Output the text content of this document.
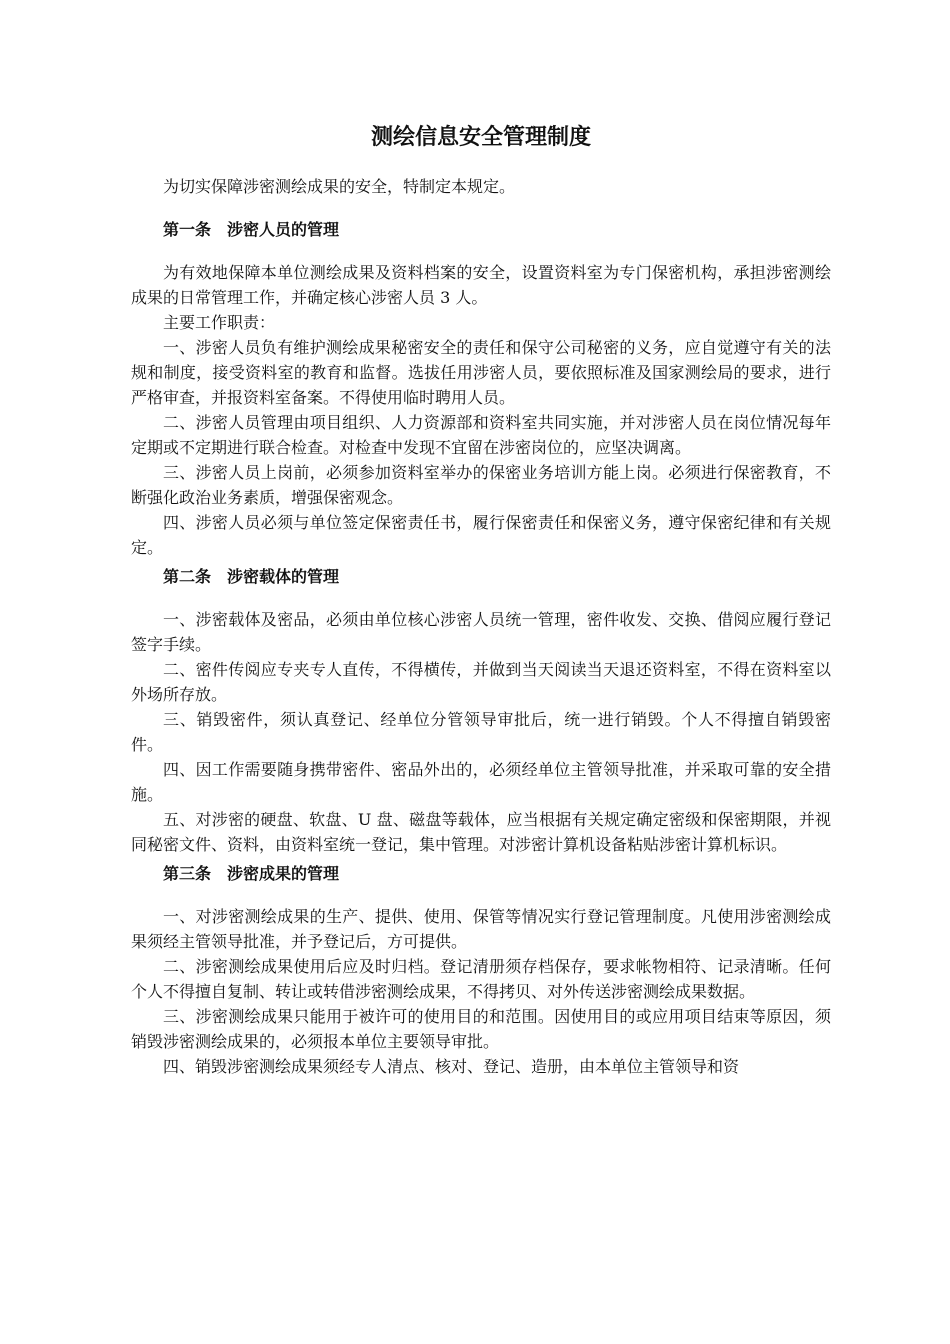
测绘信息安全管理制度

为切实保障涉密测绘成果的安全，特制定本规定。

第一条　涉密人员的管理

为有效地保障本单位测绘成果及资料档案的安全，设置资料室为专门保密机构，承担涉密测绘成果的日常管理工作，并确定核心涉密人员 3 人。

主要工作职责：

一、涉密人员负有维护测绘成果秘密安全的责任和保守公司秘密的义务，应自觉遵守有关的法规和制度，接受资料室的教育和监督。选拔任用涉密人员，要依照标准及国家测绘局的要求，进行严格审查，并报资料室备案。不得使用临时聘用人员。

二、涉密人员管理由项目组织、人力资源部和资料室共同实施，并对涉密人员在岗位情况每年定期或不定期进行联合检查。对检查中发现不宜留在涉密岗位的，应坚决调离。

三、涉密人员上岗前，必须参加资料室举办的保密业务培训方能上岗。必须进行保密教育，不断强化政治业务素质，增强保密观念。

四、涉密人员必须与单位签定保密责任书，履行保密责任和保密义务，遵守保密纪律和有关规定。

第二条　涉密载体的管理

一、涉密载体及密品，必须由单位核心涉密人员统一管理，密件收发、交换、借阅应履行登记签字手续。

二、密件传阅应专夹专人直传，不得横传，并做到当天阅读当天退还资料室，不得在资料室以外场所存放。

三、销毁密件，须认真登记、经单位分管领导审批后，统一进行销毁。个人不得擅自销毁密件。

四、因工作需要随身携带密件、密品外出的，必须经单位主管领导批准，并采取可靠的安全措施。

五、对涉密的硬盘、软盘、U 盘、磁盘等载体，应当根据有关规定确定密级和保密期限，并视同秘密文件、资料，由资料室统一登记，集中管理。对涉密计算机设备粘贴涉密计算机标识。

第三条　涉密成果的管理

一、对涉密测绘成果的生产、提供、使用、保管等情况实行登记管理制度。凡使用涉密测绘成果须经主管领导批准，并予登记后，方可提供。

二、涉密测绘成果使用后应及时归档。登记清册须存档保存，要求帐物相符、记录清晰。任何个人不得擅自复制、转让或转借涉密测绘成果，不得拷贝、对外传送涉密测绘成果数据。

三、涉密测绘成果只能用于被许可的使用目的和范围。因使用目的或应用项目结束等原因，须销毁涉密测绘成果的，必须报本单位主要领导审批。

四、销毁涉密测绘成果须经专人清点、核对、登记、造册，由本单位主管领导和资
